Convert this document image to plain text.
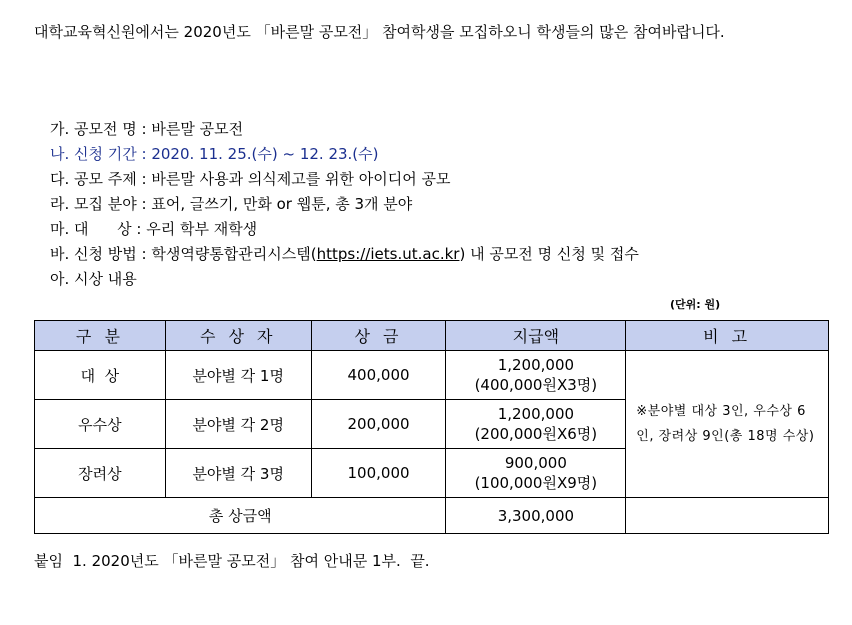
대학교육혁신원에서는 2020년도 「바른말 공모전」 참여학생을 모집하오니 학생들의 많은 참여바랍니다.
가. 공모전 명 : 바른말 공모전
나. 신청 기간 : 2020. 11. 25.(수) ~ 12. 23.(수)
다. 공모 주제 : 바른말 사용과 의식제고를 위한 아이디어 공모
라. 모집 분야 : 표어, 글쓰기, 만화 or 웹툰, 총 3개 분야
마. 대      상 : 우리 학부 재학생
바. 신청 방법 : 학생역량통합관리시스템(https://iets.ut.ac.kr) 내 공모전 명 신청 및 접수
아. 시상 내용
(단위: 원)
구 분	수 상 자	상 금	지급액	비 고
대  상	분야별 각 1명	400,000	1,200,000
(400,000원X3명)	※분야별 대상 3인, 우수상 6인, 장려상 9인(총 18명 수상)
우수상	분야별 각 2명	200,000	1,200,000
(200,000원X6명)	

장려상	분야별 각 3명	100,000	900,000
(100,000원X9명)	

총 상금액			3,300,000	
붙임  1. 2020년도 「바른말 공모전」 참여 안내문 1부.  끝.
